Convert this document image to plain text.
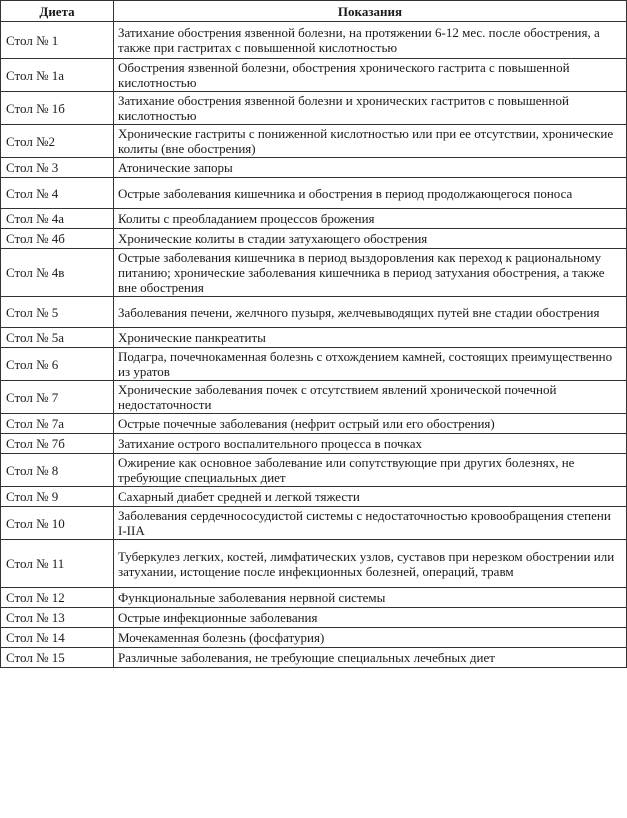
Диета	Показания
Стол № 1	Затихание обострения язвенной болезни, на протяжении 6-12 мес. после обострения, а также при гастритах с повышенной кислотностью
Стол № 1а	Обострения язвенной болезни, обострения хронического гастрита с повышенной кислотностью
Стол № 1б	Затихание обострения язвенной болезни и хронических гастритов с повышенной кислотностью
Стол №2	Хронические гастриты с пониженной кислотностью или при ее отсутствии, хронические колиты (вне обострения)
Стол № 3	Атонические запоры
Стол № 4	Острые заболевания кишечника и обострения в период продолжающегося поноса
Стол № 4а	Колиты с преобладанием процессов брожения
Стол № 4б	Хронические колиты в стадии затухающего обострения
Стол № 4в	Острые заболевания кишечника в период выздоровления как переход к рациональному питанию; хронические заболевания кишечника в период затухания обострения, а также вне обострения
Стол № 5	Заболевания печени, желчного пузыря, желчевыводящих путей вне стадии обострения
Стол № 5а	Хронические панкреатиты
Стол № 6	Подагра, почечнокаменная болезнь с отхождением камней, состоящих преимущественно из уратов
Стол № 7	Хронические заболевания почек с отсутствием явлений хронической почечной недостаточности
Стол № 7а	Острые почечные заболевания (нефрит острый или его обострения)
Стол № 7б	Затихание острого воспалительного процесса в почках
Стол № 8	Ожирение как основное заболевание или сопутствующие при других болезнях, не требующие специальных диет
Стол № 9	Сахарный диабет средней и легкой тяжести
Стол № 10	Заболевания сердечнососудистой системы с недостаточностью кровообращения степени I-IIA
Стол № 11	Туберкулез легких, костей, лимфатических узлов, суставов при нерезком обострении или затухании, истощение после инфекционных болезней, операций, травм
Стол № 12	Функциональные заболевания нервной системы
Стол № 13	Острые инфекционные заболевания
Стол № 14	Мочекаменная болезнь (фосфатурия)
Стол № 15	Различные заболевания, не требующие специальных лечебных диет
